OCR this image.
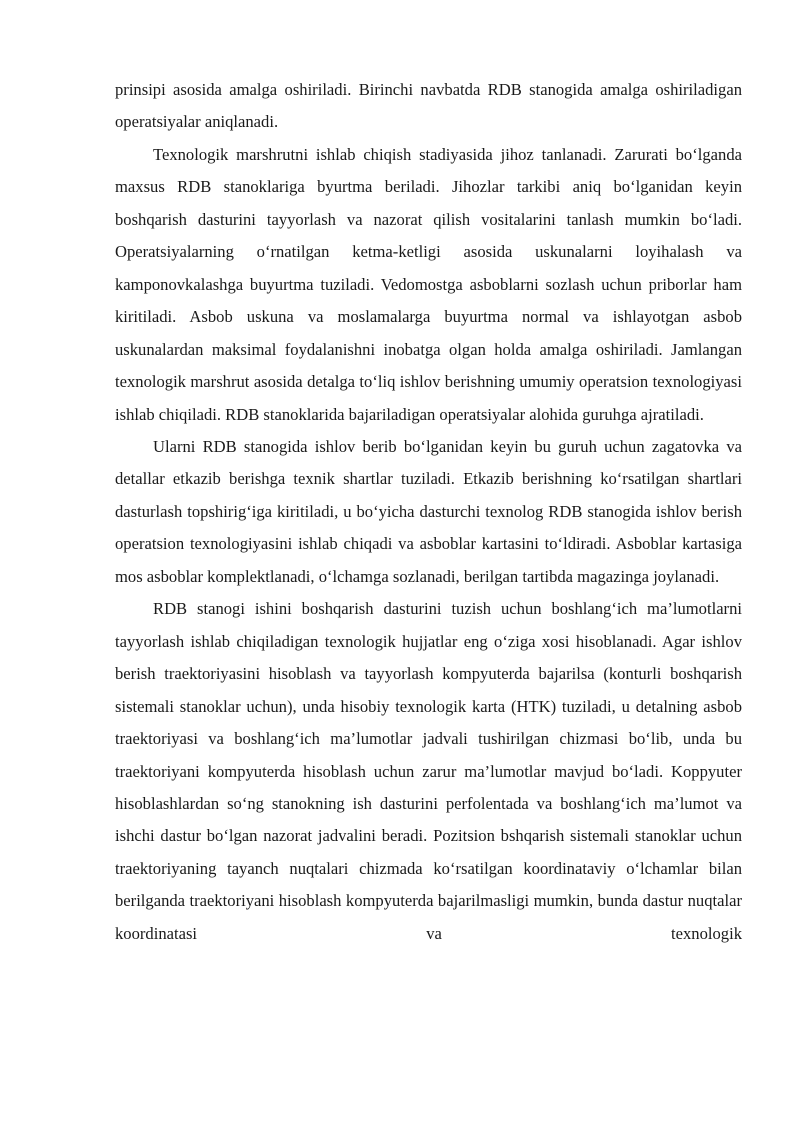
prinsipi asosida amalga oshiriladi. Birinchi navbatda RDB stanogida amalga oshiriladigan operatsiyalar aniqlanadi.

Texnologik marshrutni ishlab chiqish stadiyasida jihoz tanlanadi. Zarurati bo‘lganda maxsus RDB stanoklariga byurtma beriladi. Jihozlar tarkibi aniq bo‘lganidan keyin boshqarish dasturini tayyorlash va nazorat qilish vositalarini tanlash mumkin bo‘ladi. Operatsiyalarning o‘rnatilgan ketma-ketligi asosida uskunalarni loyihalash va kamponovkalashga buyurtma tuziladi. Vedomostga asboblarni sozlash uchun priborlar ham kiritiladi. Asbob uskuna va moslamalarga buyurtma normal va ishlayotgan asbob uskunalardan maksimal foydalanishni inobatga olgan holda amalga oshiriladi. Jamlangan texnologik marshrut asosida detalga to‘liq ishlov berishning umumiy operatsion texnologiyasi ishlab chiqiladi. RDB stanoklarida bajariladigan operatsiyalar alohida guruhga ajratiladi.

Ularni RDB stanogida ishlov berib bo‘lganidan keyin bu guruh uchun zagatovka va detallar etkazib berishga texnik shartlar tuziladi. Etkazib berishning ko‘rsatilgan shartlari dasturlash topshirig‘iga kiritiladi, u bo‘yicha dasturchi texnolog RDB stanogida ishlov berish operatsion texnologiyasini ishlab chiqadi va asboblar kartasini to‘ldiradi. Asboblar kartasiga mos asboblar komplektlanadi, o‘lchamga sozlanadi, berilgan tartibda magazinga joylanadi.

RDB stanogi ishini boshqarish dasturini tuzish uchun boshlang‘ich ma’lumotlarni tayyorlash ishlab chiqiladigan texnologik hujjatlar eng o‘ziga xosi hisoblanadi. Agar ishlov berish traektoriyasini hisoblash va tayyorlash kompyuterda bajarilsa (konturli boshqarish sistemali stanoklar uchun), unda hisobiy texnologik karta (HTK) tuziladi, u detalning asbob traektoriyasi va boshlang‘ich ma’lumotlar jadvali tushirilgan chizmasi bo‘lib, unda bu traektoriyani kompyuterda hisoblash uchun zarur ma’lumotlar mavjud bo‘ladi. Koppyuter hisoblashlardan so‘ng stanokning ish dasturini perfolentada va boshlang‘ich ma’lumot va ishchi dastur bo‘lgan nazorat jadvalini beradi. Pozitsion bshqarish sistemali stanoklar uchun traektoriyaning tayanch nuqtalari chizmada ko‘rsatilgan koordinataviy o‘lchamlar bilan berilganda traektoriyani hisoblash kompyuterda bajarilmasligi mumkin, bunda dastur nuqtalar koordinatasi va texnologik
